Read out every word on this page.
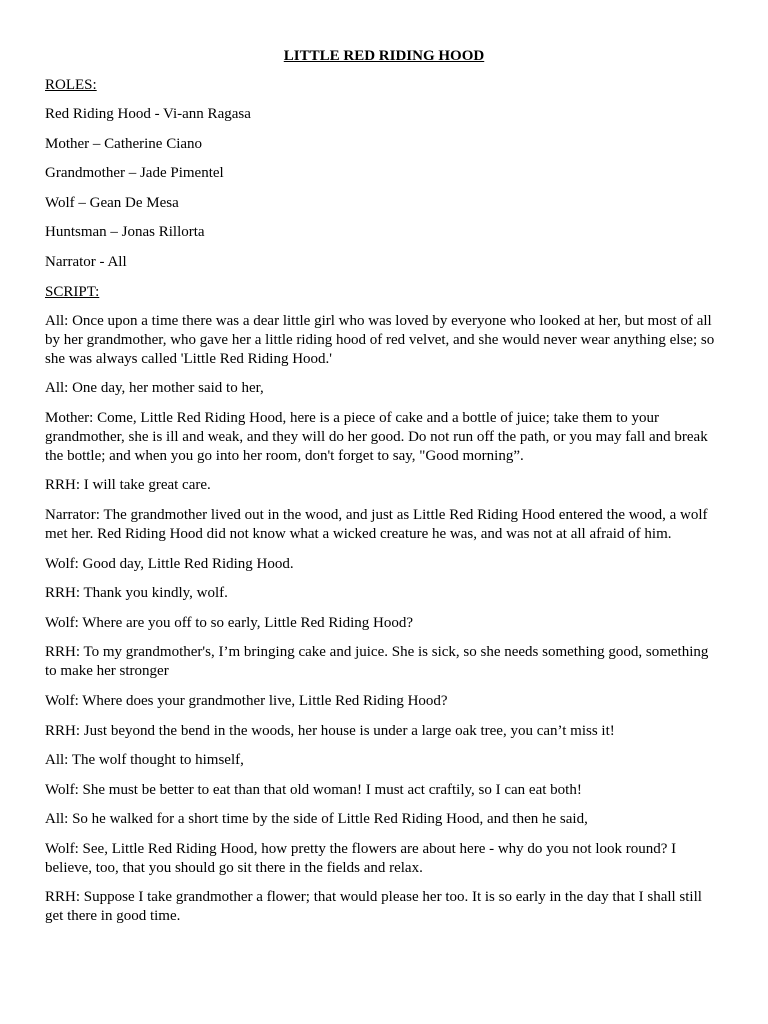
LITTLE RED RIDING HOOD
ROLES:
Red Riding Hood - Vi-ann Ragasa
Mother – Catherine Ciano
Grandmother – Jade Pimentel
Wolf – Gean De Mesa
Huntsman – Jonas Rillorta
Narrator - All
SCRIPT:
All: Once upon a time there was a dear little girl who was loved by everyone who looked at her, but most of all by her grandmother, who gave her a little riding hood of red velvet, and she would never wear anything else; so she was always called 'Little Red Riding Hood.'
All: One day, her mother said to her,
Mother: Come, Little Red Riding Hood, here is a piece of cake and a bottle of juice; take them to your grandmother, she is ill and weak, and they will do her good. Do not run off the path, or you may fall and break the bottle; and when you go into her room, don't forget to say, "Good morning”.
RRH: I will take great care.
Narrator: The grandmother lived out in the wood, and just as Little Red Riding Hood entered the wood, a wolf met her. Red Riding Hood did not know what a wicked creature he was, and was not at all afraid of him.
Wolf: Good day, Little Red Riding Hood.
RRH: Thank you kindly, wolf.
Wolf: Where are you off to so early, Little Red Riding Hood?
RRH: To my grandmother's, I’m bringing cake and juice. She is sick, so she needs something good, something to make her stronger
Wolf: Where does your grandmother live, Little Red Riding Hood?
RRH: Just beyond the bend in the woods, her house is under a large oak tree, you can’t miss it!
All: The wolf thought to himself,
Wolf: She must be better to eat than that old woman! I must act craftily, so I can eat both!
All: So he walked for a short time by the side of Little Red Riding Hood, and then he said,
Wolf: See, Little Red Riding Hood, how pretty the flowers are about here - why do you not look round? I believe, too, that you should go sit there in the fields and relax.
RRH: Suppose I take grandmother a flower; that would please her too. It is so early in the day that I shall still get there in good time.
